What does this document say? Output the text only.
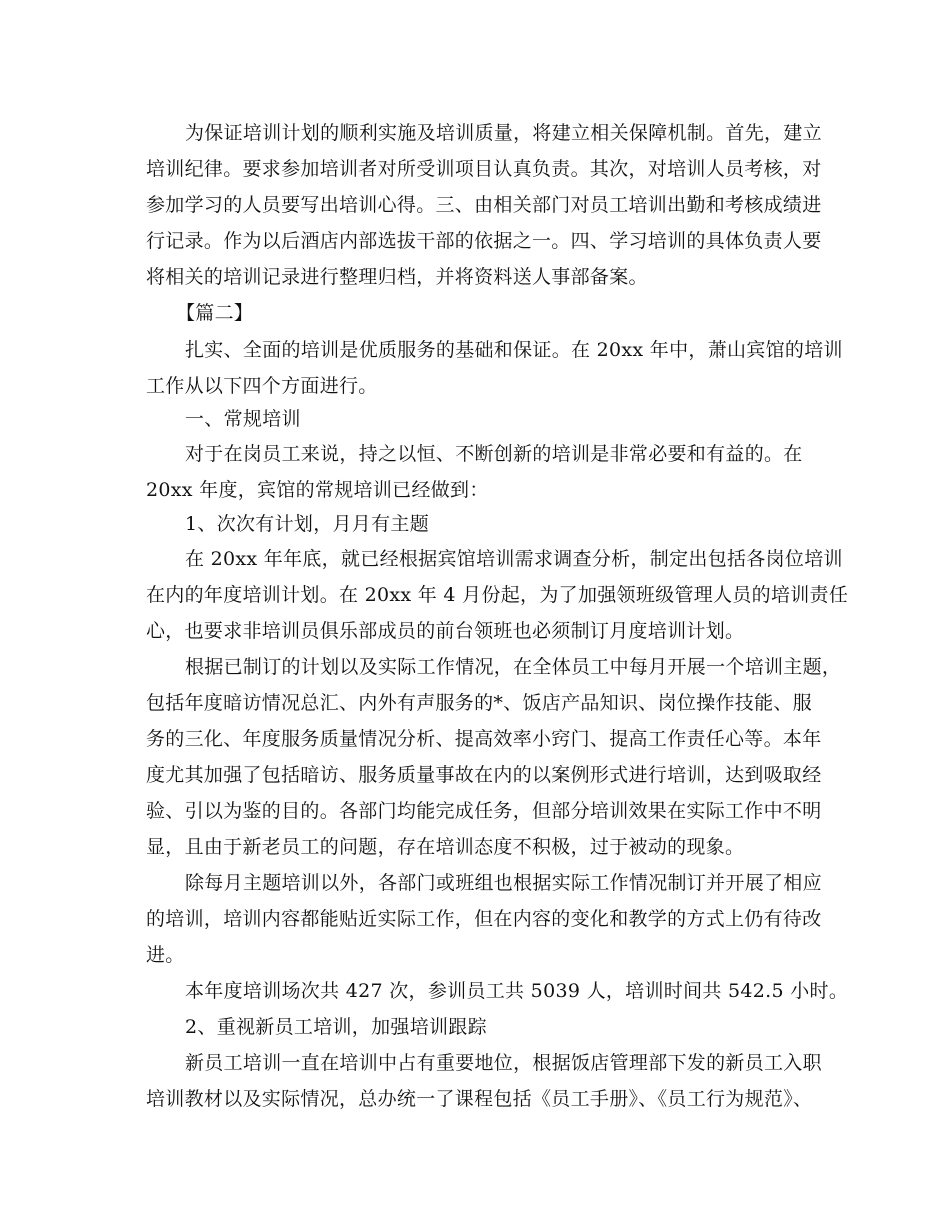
为保证培训计划的顺利实施及培训质量，将建立相关保障机制。首先，建立
培训纪律。要求参加培训者对所受训项目认真负责。其次，对培训人员考核，对
参加学习的人员要写出培训心得。三、由相关部门对员工培训出勤和考核成绩进
行记录。作为以后酒店内部选拔干部的依据之一。四、学习培训的具体负责人要
将相关的培训记录进行整理归档，并将资料送人事部备案。
【篇二】
扎实、全面的培训是优质服务的基础和保证。在 20xx 年中，萧山宾馆的培训
工作从以下四个方面进行。
一、常规培训
对于在岗员工来说，持之以恒、不断创新的培训是非常必要和有益的。在
20xx 年度，宾馆的常规培训已经做到：
1、次次有计划，月月有主题
在 20xx 年年底，就已经根据宾馆培训需求调查分析，制定出包括各岗位培训
在内的年度培训计划。在 20xx 年 4 月份起，为了加强领班级管理人员的培训责任
心，也要求非培训员俱乐部成员的前台领班也必须制订月度培训计划。
根据已制订的计划以及实际工作情况，在全体员工中每月开展一个培训主题，
包括年度暗访情况总汇、内外有声服务的*、饭店产品知识、岗位操作技能、服
务的三化、年度服务质量情况分析、提高效率小窍门、提高工作责任心等。本年
度尤其加强了包括暗访、服务质量事故在内的以案例形式进行培训，达到吸取经
验、引以为鉴的目的。各部门均能完成任务，但部分培训效果在实际工作中不明
显，且由于新老员工的问题，存在培训态度不积极，过于被动的现象。
除每月主题培训以外，各部门或班组也根据实际工作情况制订并开展了相应
的培训，培训内容都能贴近实际工作，但在内容的变化和教学的方式上仍有待改
进。
本年度培训场次共 427 次，参训员工共 5039 人，培训时间共 542.5 小时。
2、重视新员工培训，加强培训跟踪
新员工培训一直在培训中占有重要地位，根据饭店管理部下发的新员工入职
培训教材以及实际情况，总办统一了课程包括《员工手册》、《员工行为规范》、
